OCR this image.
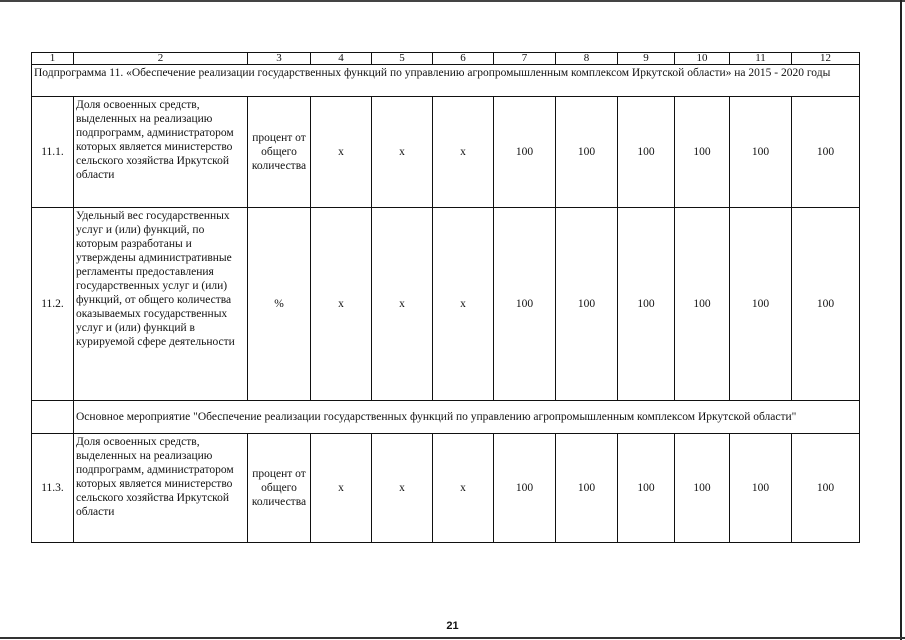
1	2	3	4	5	6	7	8	9	10	11	12
Подпрограмма 11. «Обеспечение реализации государственных функций по управлению агропромышленным комплексом Иркутской области» на 2015 - 2020 годы											
11.1.	Доля освоенных средств, выделенных на реализацию подпрограмм, администратором которых является министерство сельского хозяйства Иркутской области	процент от общего количества	х	х	х	100	100	100	100	100	100
11.2.	Удельный вес государственных услуг и (или) функций, по которым разработаны и утверждены административные регламенты предоставления государственных услуг и (или) функций, от общего количества оказываемых государственных услуг и (или) функций в курируемой сфере деятельности	%	х	х	х	100	100	100	100	100	100
	Основное мероприятие "Обеспечение реализации государственных функций по управлению агропромышленным комплексом Иркутской области"										
11.3.	Доля освоенных средств, выделенных на реализацию подпрограмм, администратором которых является министерство сельского хозяйства Иркутской области	процент от общего количества	х	х	х	100	100	100	100	100	100
21
